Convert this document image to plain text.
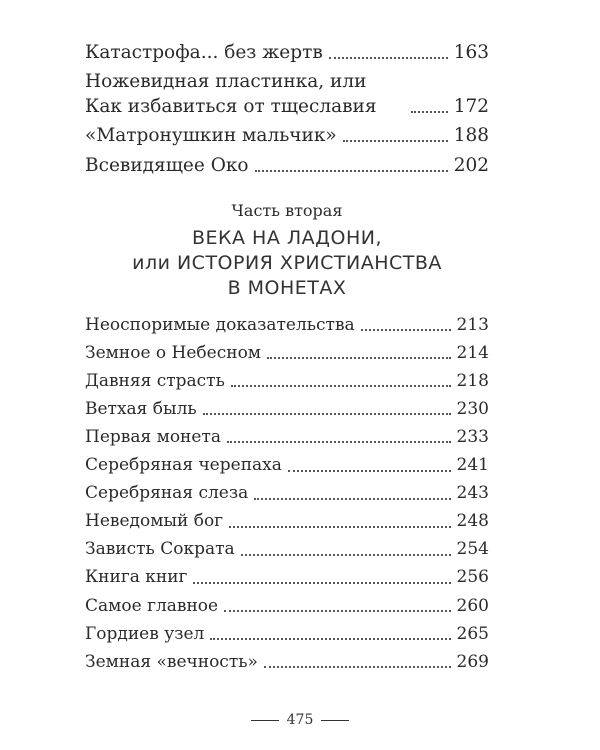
Катастрофа... без жертв	163
Ножевидная пластинка, или Как избавиться от тщеславия	172
«Матронушкин мальчик»	188
Всевидящее Око	202
Часть вторая
ВЕКА НА ЛАДОНИ,
или ИСТОРИЯ ХРИСТИАНСТВА
В МОНЕТАХ
Неоспоримые доказательства	213
Земное о Небесном	214
Давняя страсть	218
Ветхая быль	230
Первая монета	233
Серебряная черепаха	241
Серебряная слеза	243
Неведомый бог	248
Зависть Сократа	254
Книга книг	256
Самое главное	260
Гордиев узел	265
Земная «вечность»	269
475
